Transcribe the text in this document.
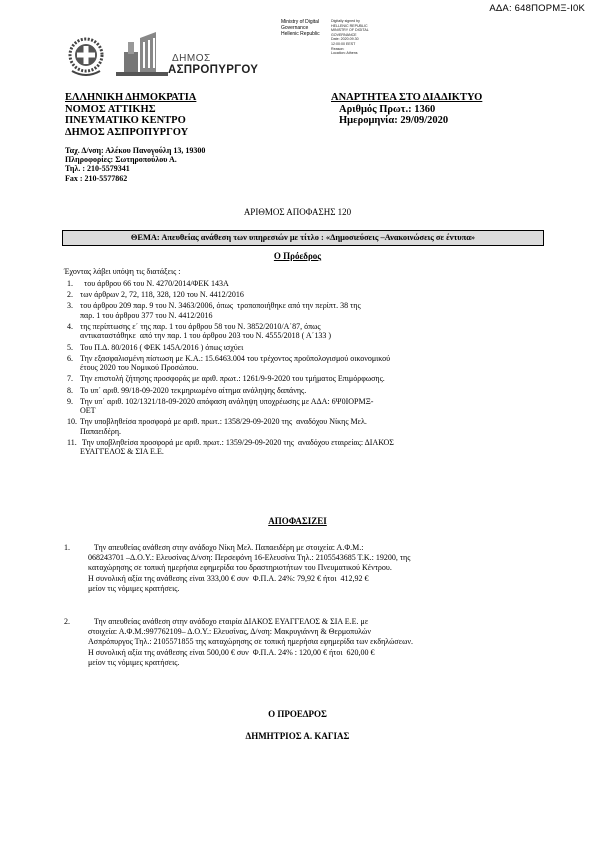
ΑΔΑ: 648ΠΟΡΜΞ-Ι0Κ
ΔΗΜΟΣ
ΑΣΠΡΟΠΥΡΓΟΥ
Ministry of Digital
Governance
Hellenic Republic
Digitally signed by
HELLENIC REPUBLIC
MINISTRY OF DIGITAL
GOVERNANCE
Date: 2020.09.30
12:00:00 EEST
Reason:
Location: Athens
ΕΛΛΗΝΙΚΗ ΔΗΜΟΚΡΑΤΙΑ
ΝΟΜΟΣ ΑΤΤΙΚΗΣ
ΠΝΕΥΜΑΤΙΚΟ ΚΕΝΤΡΟ
ΔΗΜΟΣ ΑΣΠΡΟΠΥΡΓΟΥ
ΑΝΑΡΤΗΤΕΑ ΣΤΟ ΔΙΑΔΙΚΤΥΟ
Αριθμός Πρωτ.: 1360
Ημερομηνία: 29/09/2020
Ταχ. Δ/νση: Αλέκου Πανογούλη 13, 19300
Πληροφορίες: Σωτηροπούλου Α.
Τηλ. : 210-5579341
Fax : 210-5577862
ΑΡΙΘΜΟΣ ΑΠΟΦΑΣΗΣ 120
ΘΕΜΑ: Απευθείας ανάθεση των υπηρεσιών με τίτλο : «Δημοσιεύσεις –Ανακοινώσεις σε έντυπα»
Ο Πρόεδρος
Έχοντας λάβει υπόψη τις διατάξεις :
1. του άρθρου 66 του Ν. 4270/2014/ΦΕΚ 143Α
2. των άρθρων 2, 72, 118, 328, 120 του Ν. 4412/2016
3. του άρθρου 209 παρ. 9 του Ν. 3463/2006, όπως  τροποποιήθηκε από την περίπτ. 38 της
παρ. 1 του άρθρου 377 του Ν. 4412/2016
4. της περίπτωσης ε΄ της παρ. 1 του άρθρου 58 του Ν. 3852/2010/Α΄87, όπως
αντικαταστάθηκε  από την παρ. 1 του άρθρου 203 του Ν. 4555/2018 ( Α΄133 )
5. Του Π.Δ. 80/2016 ( ΦΕΚ 145Α/2016 ) όπως ισχύει
6. Την εξασφαλισμένη πίστωση με Κ.Α.: 15.6463.004 του τρέχοντος προϋπολογισμού οικονομικού
έτους 2020 του Νομικού Προσώπου.
7. Την επιστολή ζήτησης προσφοράς με αριθ. πρωτ.: 1261/9-9-2020 του τμήματος Επιμόρφωσης.
8. Το υπ΄ αριθ. 99/18-09-2020 τεκμηριωμένο αίτημα ανάληψης δαπάνης.
9. Την υπ΄ αριθ. 102/1321/18-09-2020 απόφαση ανάληψη υποχρέωσης με ΑΔΑ: 6Ψ0ΙΟΡΜΞ-
ΟΕΤ
10. Την υποβληθείσα προσφορά με αριθ. πρωτ.: 1358/29-09-2020 της  αναδόχου Νίκης Μελ.
Παπαειδέρη.
11. Την υποβληθείσα προσφορά με αριθ. πρωτ.: 1359/29-09-2020 της  αναδόχου εταιρείας: ΔΙΑΚΟΣ
ΕΥΑΓΓΕΛΟΣ & ΣΙΑ Ε.Ε.
ΑΠΟΦΑΣΙΖΕΙ
1. Την απευθείας ανάθεση στην ανάδοχο Νίκη Μελ. Παπαειδέρη με στοιχεία: Α.Φ.Μ.:

068243701 –Δ.Ο.Υ.: Ελευσίνας Δ/νση: Περσεφόνη 16-Ελευσίνα Τηλ.: 2105543685 Τ.Κ.: 19200, της

καταχώρησης σε τοπική ημερήσια εφημερίδα του δραστηριοτήτων του Πνευματικού Κέντρου.

Η συνολική αξία της ανάθεσης είναι 333,00 € συν  Φ.Π.Α. 24%: 79,92 € ήτοι  412,92 €

μείον τις νόμιμες κρατήσεις.

2. Την απευθείας ανάθεση στην ανάδοχο εταιρία ΔΙΑΚΟΣ ΕΥΑΓΓΕΛΟΣ & ΣΙΑ Ε.Ε. με

στοιχεία: Α.Φ.Μ.:997762109– Δ.Ο.Υ.: Ελευσίνας, Δ/νση: Μακρυγιάννη & Θερμοπυλών

Ασπρόπυργος Τηλ.: 2105571855 της καταχώρησης σε τοπική ημερήσια εφημερίδα των εκδηλώσεων.

Η συνολική αξία της ανάθεσης είναι 500,00 € συν  Φ.Π.Α. 24% : 120,00 € ήτοι  620,00 €

μείον τις νόμιμες κρατήσεις.

Ο ΠΡΟΕΔΡΟΣ
ΔΗΜΗΤΡΙΟΣ Α. ΚΑΓΙΑΣ
